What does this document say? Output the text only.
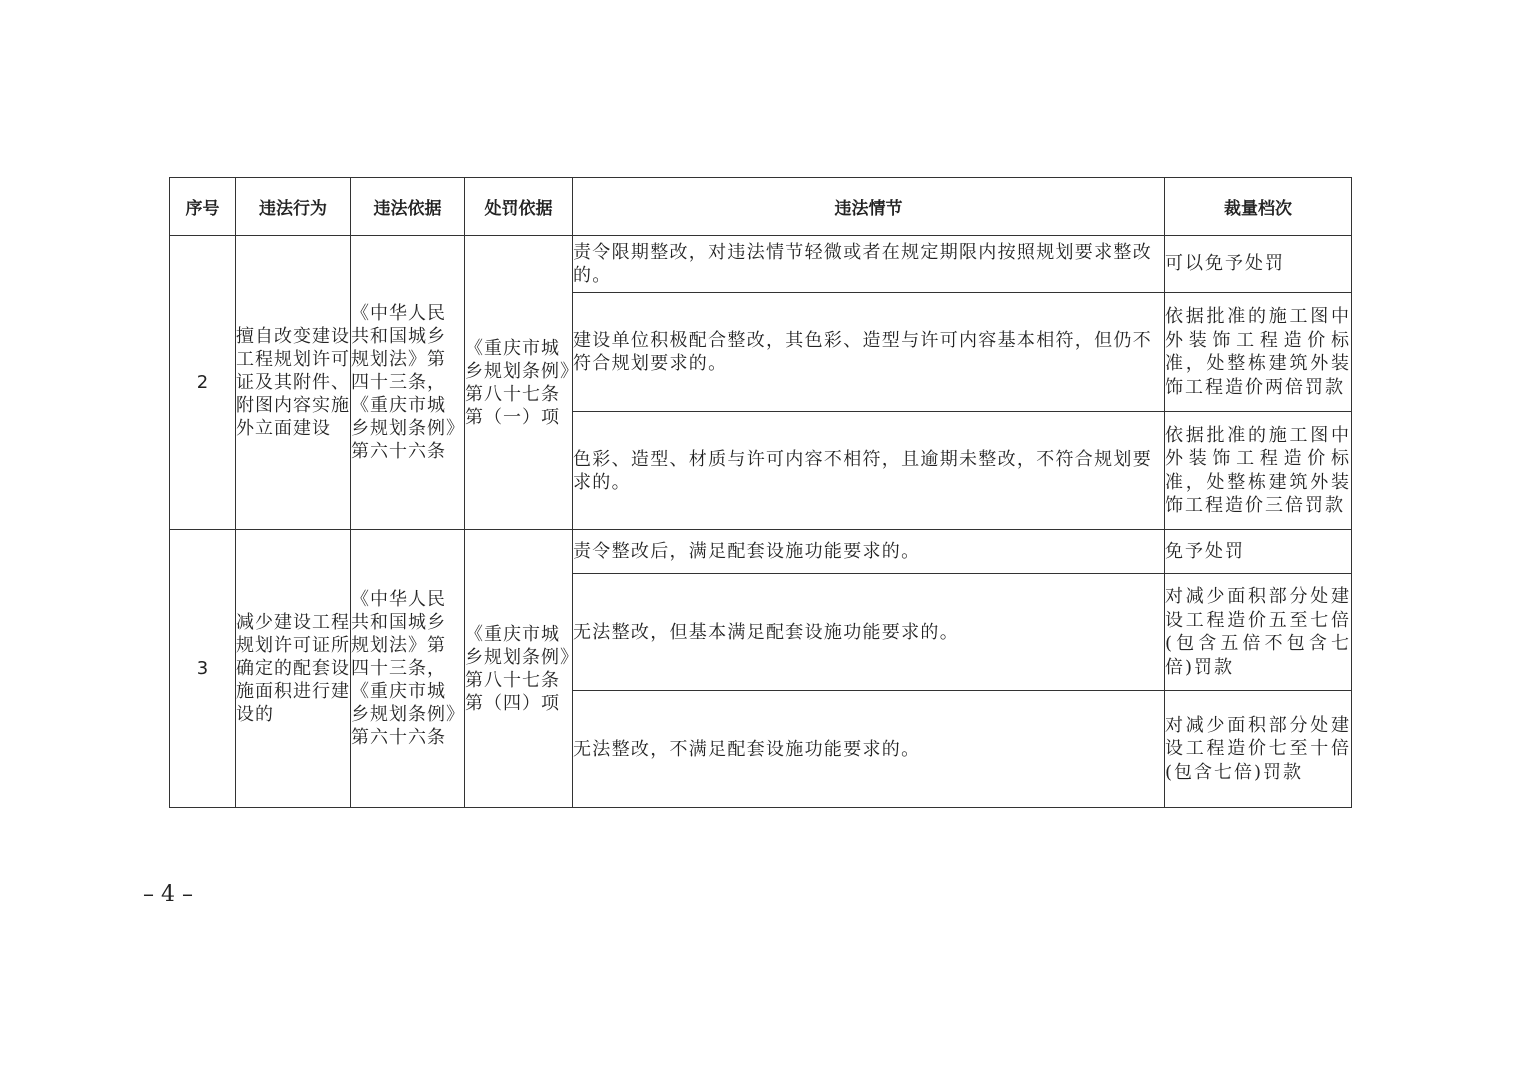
序号	违法行为	违法依据	处罚依据	违法情节	裁量档次
2	擅自改变建设工程规划许可证及其附件、附图内容实施外立面建设	《中华人民共和国城乡规划法》第四十三条，《重庆市城乡规划条例》第六十六条	《重庆市城乡规划条例》第八十七条第（一）项	责令限期整改，对违法情节轻微或者在规定期限内按照规划要求整改的。	可以免予处罚
				建设单位积极配合整改，其色彩、造型与许可内容基本相符，但仍不符合规划要求的。	依据批准的施工图中外装饰工程造价标准，处整栋建筑外装饰工程造价两倍罚款
				色彩、造型、材质与许可内容不相符，且逾期未整改，不符合规划要求的。	依据批准的施工图中外装饰工程造价标准，处整栋建筑外装饰工程造价三倍罚款
3	减少建设工程规划许可证所确定的配套设施面积进行建设的	《中华人民共和国城乡规划法》第四十三条，《重庆市城乡规划条例》第六十六条	《重庆市城乡规划条例》第八十七条第（四）项	责令整改后，满足配套设施功能要求的。	免予处罚
				无法整改，但基本满足配套设施功能要求的。	对减少面积部分处建设工程造价五至七倍(包含五倍不包含七倍)罚款
				无法整改，不满足配套设施功能要求的。	对减少面积部分处建设工程造价七至十倍(包含七倍)罚款
– 4 –
